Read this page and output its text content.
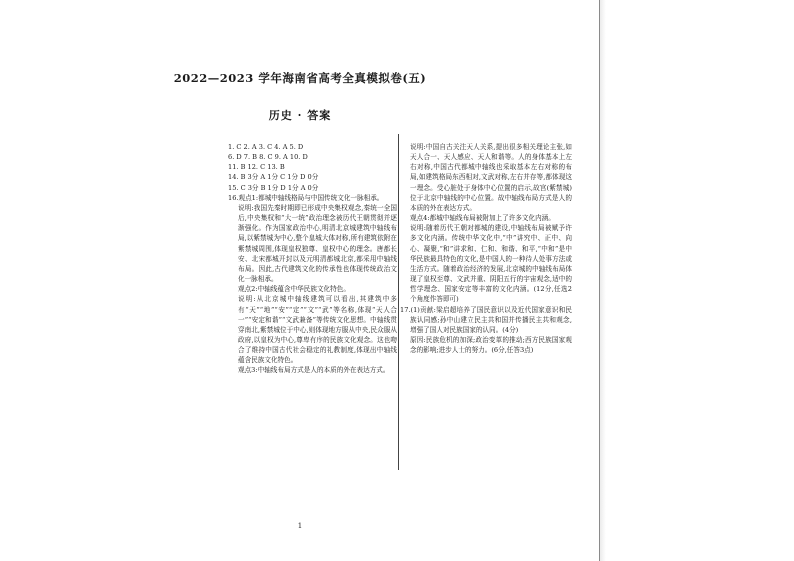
2022—2023 学年海南省高考全真模拟卷(五)
历史 · 答案
1. C 2. A 3. C 4. A 5. D
6. D 7. B 8. C 9. A 10. D
11. B 12. C 13. B
14. B 3分 A 1分 C 1分 D 0分
15. C 3分 B 1分 D 1分 A 0分
16.观点1:都城中轴线格局与中国传统文化一脉相承。
说明:我国先秦时期即已形成中央集权观念,秦统一全国后,中央集权和“大一统”政治理念被历代王朝贯彻并逐渐强化。作为国家政治中心,明清北京城建筑中轴线布局,以紫禁城为中心,整个皇城大体对称,所有建筑依附在紫禁城周围,体现皇权独尊、皇权中心的理念。唐都长安、北宋都城开封以及元明清都城北京,都采用中轴线布局。因此,古代建筑文化的传承性也体现传统政治文化一脉相承。
观点2:中轴线蕴含中华民族文化特色。
说明:从北京城中轴线建筑可以看出,其建筑中多有“天”“地”“安”“定”“文”“武”等名称,体现“天人合一”“安定和谐”“文武兼备”等传统文化思想。中轴线贯穿南北,紫禁城位于中心,则体现地方服从中央,民众服从政府,以皇权为中心,尊卑有序的民族文化观念。这也吻合了维持中国古代社会稳定的礼教制度,体现出中轴线蕴含民族文化特色。
观点3:中轴线布局方式是人的本质的外在表达方式。
说明:中国自古关注天人关系,提出很多相关理论主张,如天人合一、天人感应、天人和谐等。人的身体基本上左右对称,中国古代都城中轴线也采取基本左右对称的布局,如建筑格局东西相对,文武对称,左右并存等,都体现这一理念。受心脏处于身体中心位置的启示,故宫(紫禁城)位于北京中轴线的中心位置。故中轴线布局方式是人的本质的外在表达方式。
观点4:都城中轴线布局被附加上了许多文化内涵。
说明:随着历代王朝对都城的建设,中轴线布局被赋予许多文化内涵。传统中华文化中,“中”讲究中、正中、向心、凝聚,“和”讲求和、仁和、和谐、和平,“中和”是中华民族最具特色的文化,是中国人的一种待人处事方法或生活方式。随着政治经济的发展,北京城的中轴线布局体现了皇权至尊、文武并重、阴阳五行的宇宙观念,适中的哲学理念、国家安定等丰富的文化内涵。(12分,任选2个角度作答即可)
17.(1)贡献:梁启超培养了国民意识以及近代国家意识和民族认同感;孙中山建立民主共和国并传播民主共和观念,增强了国人对民族国家的认同。(4分)
原因:民族危机的加深;政治变革的推动;西方民族国家观念的影响;进步人士的努力。(6分,任答3点)
1
